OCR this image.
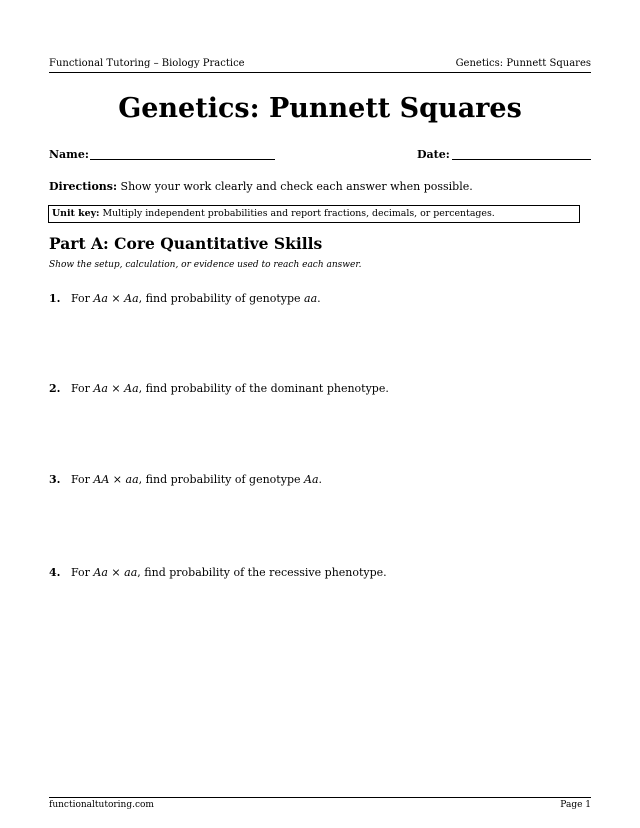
Functional Tutoring – Biology Practice	Genetics: Punnett Squares
Genetics: Punnett Squares
Name:	Date:
Directions: Show your work clearly and check each answer when possible.
Unit key: Multiply independent probabilities and report fractions, decimals, or percentages.
Part A: Core Quantitative Skills
Show the setup, calculation, or evidence used to reach each answer.
1. For Aa × Aa, find probability of genotype aa.
2. For Aa × Aa, find probability of the dominant phenotype.
3. For AA × aa, find probability of genotype Aa.
4. For Aa × aa, find probability of the recessive phenotype.
functionaltutoring.com	Page 1
